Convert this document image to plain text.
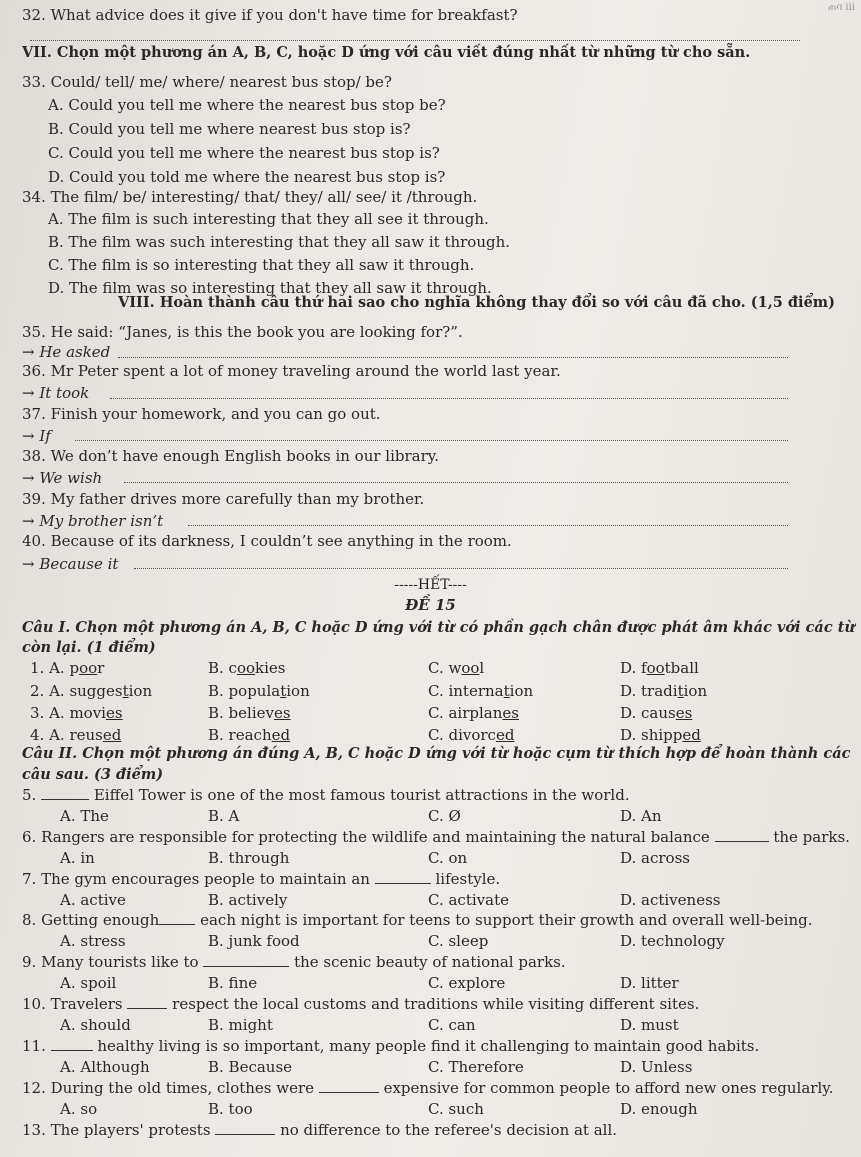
ጠባ ⅲ
32. What advice does it give if you don't have time for breakfast?
VII. Chọn một phương án A, B, C, hoặc D ứng với câu viết đúng nhất từ những từ cho sẵn.
33. Could/ tell/ me/ where/ nearest bus stop/ be?
A. Could you tell me where the nearest bus stop be?
B. Could you tell me where nearest bus stop is?
C. Could you tell me where the nearest bus stop is?
D. Could you told me where the nearest bus stop is?
34. The film/ be/ interesting/ that/ they/ all/ see/ it /through.
A. The film is such interesting that they all see it through.
B. The film was such interesting that they all saw it through.
C. The film is so interesting that they all saw it through.
D. The film was so interesting that they all saw it through.
VIII. Hoàn thành câu thứ hai sao cho nghĩa không thay đổi so với câu đã cho. (1,5 điểm)
35. He said: “Janes, is this the book you are looking for?”.
→ He asked
36. Mr Peter spent a lot of money traveling around the world last year.
→ It took
37. Finish your homework, and you can go out.
→ If
38. We don’t have enough English books in our library.
→ We wish
39. My father drives more carefully than my brother.
→ My brother isn’t
40. Because of its darkness, I couldn’t see anything in the room.
→ Because it
-----HẾT----
ĐỀ 15
Câu I. Chọn một phương án A, B, C hoặc D ứng với từ có phần gạch chân được phát âm khác với các từ
còn lại. (1 điểm)
1. A. poor	B. cookies	C. wool	D. football
2. A. suggestion	B. population	C. internation	D. tradition
3. A. movies	B. believes	C. airplanes	D. causes
4. A. reused	B. reached	C. divorced	D. shipped
Câu II. Chọn một phương án đúng A, B, C hoặc D ứng với từ hoặc cụm từ thích hợp để hoàn thành các
câu sau. (3 điểm)
5.	Eiffel Tower is one of the most famous tourist attractions in the world.
A. The	B. A	C. Ø	D. An
6. Rangers are responsible for protecting the wildlife and maintaining the natural balance	the parks.
A. in	B. through	C. on	D. across
7. The gym encourages people to maintain an	lifestyle.
A. active	B. actively	C. activate	D. activeness
8. Getting enough each night is important for teens to support their growth and overall well-being.
A. stress	B. junk food	C. sleep	D. technology
9. Many tourists like to	the scenic beauty of national parks.
A. spoil	B. fine	C. explore	D. litter
10. Travelers	respect the local customs and traditions while visiting different sites.
A. should	B. might	C. can	D. must
11.	healthy living is so important, many people find it challenging to maintain good habits.
A. Although	B. Because	C. Therefore	D. Unless
12. During the old times, clothes were	expensive for common people to afford new ones regularly.
A. so	B. too	C. such	D. enough
13. The players' protests	no difference to the referee's decision at all.
